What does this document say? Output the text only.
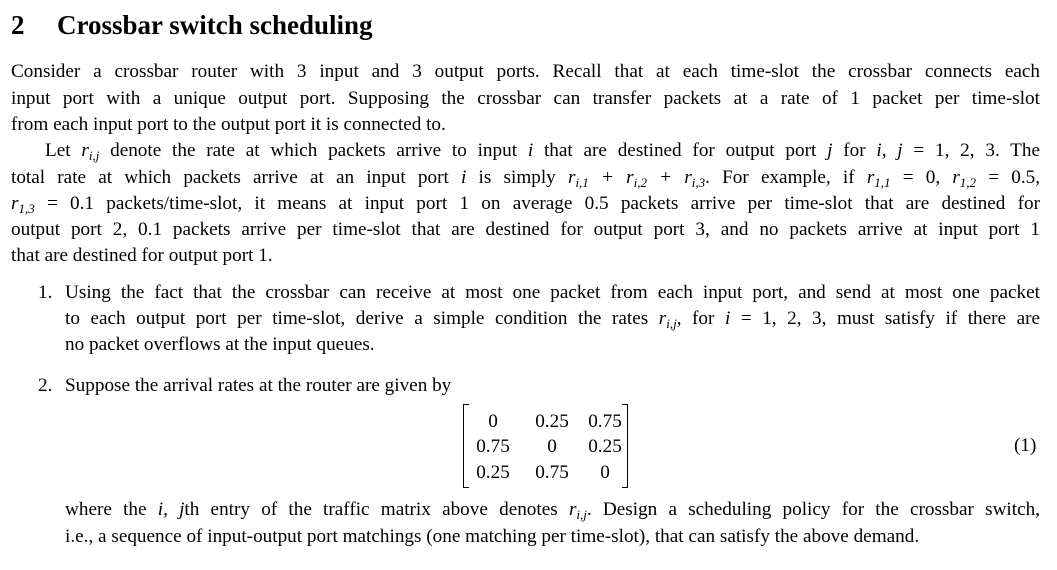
2 Crossbar switch scheduling
Consider a crossbar router with 3 input and 3 output ports. Recall that at each time-slot the crossbar connects each
input port with a unique output port. Supposing the crossbar can transfer packets at a rate of 1 packet per time-slot
from each input port to the output port it is connected to.
Let $r_{i,j}$ denote the rate at which packets arrive to input i that are destined for output port j for i, j = 1, 2, 3. The
total rate at which packets arrive at an input port i is simply $r_{i,1} + r_{i,2} + r_{i,3}$. For example, if $r_{1,1} = 0$, $r_{1,2} = 0.5$,
$r_{1,3} = 0.1$ packets/time-slot, it means at input port 1 on average 0.5 packets arrive per time-slot that are destined for
output port 2, 0.1 packets arrive per time-slot that are destined for output port 3, and no packets arrive at input port 1
that are destined for output port 1.
1. Using the fact that the crossbar can receive at most one packet from each input port, and send at most one packet
to each output port per time-slot, derive a simple condition the rates $r_{i,j}$, for i = 1, 2, 3, must satisfy if there are
no packet overflows at the input queues.
2. Suppose the arrival rates at the router are given by
0	0.25	0.75
0.75	0	0.25
0.25	0.75	0
(1)
where the i, jth entry of the traffic matrix above denotes $r_{i,j}$. Design a scheduling policy for the crossbar switch,
i.e., a sequence of input-output port matchings (one matching per time-slot), that can satisfy the above demand.
